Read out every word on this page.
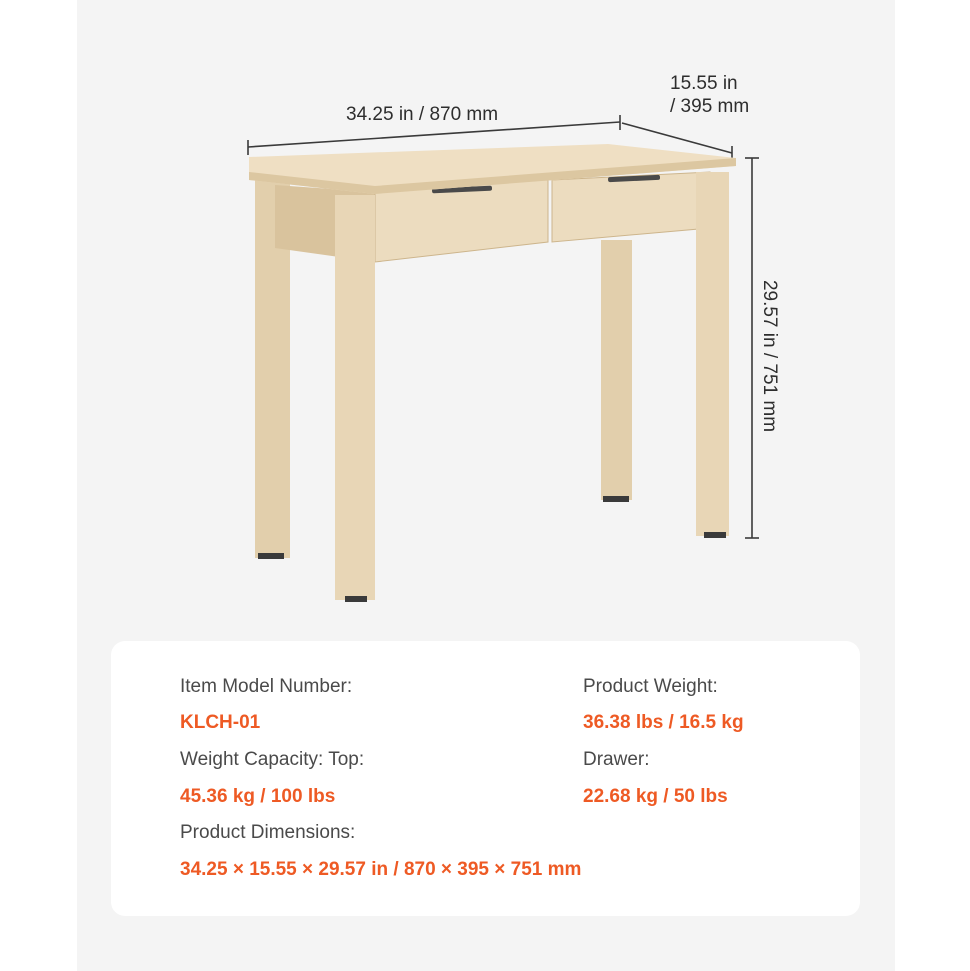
34.25 in / 870 mm
15.55 in
/ 395 mm
29.57 in / 751 mm
Item Model Number:
KLCH-01
Product Weight:
36.38 lbs / 16.5 kg
Weight Capacity: Top:
45.36 kg / 100 lbs
Drawer:
22.68 kg / 50 lbs
Product Dimensions:
34.25 × 15.55 × 29.57 in / 870 × 395 × 751 mm
